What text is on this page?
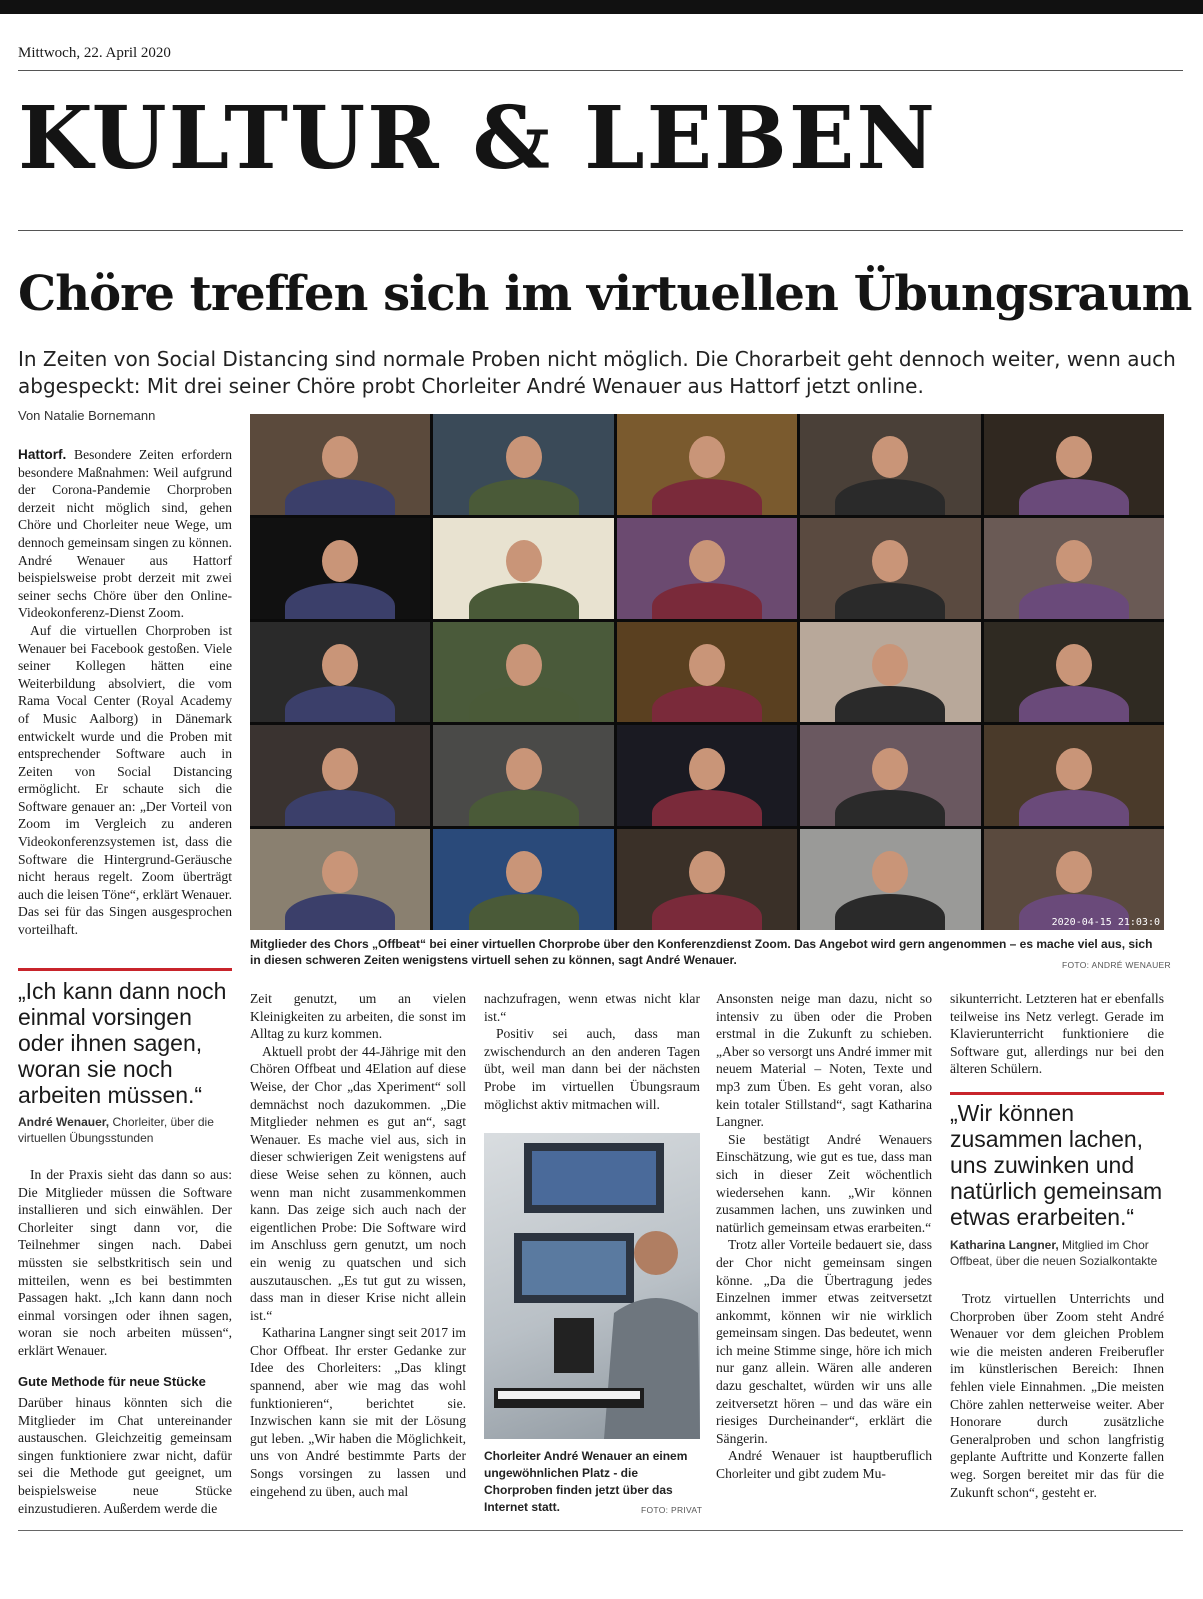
Mittwoch, 22. April 2020
KULTUR & LEBEN
Chöre treffen sich im virtuellen Übungsraum
In Zeiten von Social Distancing sind normale Proben nicht möglich. Die Chorarbeit geht dennoch weiter, wenn auch abgespeckt: Mit drei seiner Chöre probt Chorleiter André Wenauer aus Hattorf jetzt online.
Von Natalie Bornemann

Hattorf. Besondere Zeiten erfordern besondere Maßnahmen: Weil aufgrund der Corona-Pandemie Chorproben derzeit nicht möglich sind, gehen Chöre und Chorleiter neue Wege, um dennoch gemeinsam singen zu können. André Wenauer aus Hattorf beispielsweise probt derzeit mit zwei seiner sechs Chöre über den Online-Videokonferenz-Dienst Zoom.

Auf die virtuellen Chorproben ist Wenauer bei Facebook gestoßen. Viele seiner Kollegen hätten eine Weiterbildung absolviert, die vom Rama Vocal Center (Royal Academy of Music Aalborg) in Dänemark entwickelt wurde und die Proben mit entsprechender Software auch in Zeiten von Social Distancing ermöglicht. Er schaute sich die Software genauer an: „Der Vorteil von Zoom im Vergleich zu anderen Videokonferenzsystemen ist, dass die Software die Hintergrund-Geräusche nicht heraus regelt. Zoom überträgt auch die leisen Töne“, erklärt Wenauer. Das sei für das Singen ausgesprochen vorteilhaft.	2020-04-15 21:03:0
Mitglieder des Chors „Offbeat“ bei einer virtuellen Chorprobe über den Konferenzdienst Zoom. Das Angebot wird gern angenommen – es mache viel aus, sich in diesen schweren Zeiten wenigstens virtuell sehen zu können, sagt André Wenauer.	FOTO: ANDRÉ WENAUER
„Ich kann dann noch einmal vorsingen oder ihnen sagen, woran sie noch arbeiten müssen.“
André Wenauer, Chorleiter, über die virtuellen Übungsstunden

In der Praxis sieht das dann so aus: Die Mitglieder müssen die Software installieren und sich einwählen. Der Chorleiter singt dann vor, die Teilnehmer singen nach. Dabei müssten sie selbstkritisch sein und mitteilen, wenn es bei bestimmten Passagen hakt. „Ich kann dann noch einmal vorsingen oder ihnen sagen, woran sie noch arbeiten müssen“, erklärt Wenauer.

Gute Methode für neue Stücke

Darüber hinaus könnten sich die Mitglieder im Chat untereinander austauschen. Gleichzeitig gemeinsam singen funktioniere zwar nicht, dafür sei die Methode gut geeignet, um beispielsweise neue Stücke einzustudieren. Außerdem werde die

Zeit genutzt, um an vielen Kleinigkeiten zu arbeiten, die sonst im Alltag zu kurz kommen.

Aktuell probt der 44-Jährige mit den Chören Offbeat und 4Elation auf diese Weise, der Chor „das Xperiment“ soll demnächst noch dazukommen. „Die Mitglieder nehmen es gut an“, sagt Wenauer. Es mache viel aus, sich in dieser schwierigen Zeit wenigstens auf diese Weise sehen zu können, auch wenn man nicht zusammenkommen kann. Das zeige sich auch nach der eigentlichen Probe: Die Software wird im Anschluss gern genutzt, um noch ein wenig zu quatschen und sich auszutauschen. „Es tut gut zu wissen, dass man in dieser Krise nicht allein ist.“

Katharina Langner singt seit 2017 im Chor Offbeat. Ihr erster Gedanke zur Idee des Chorleiters: „Das klingt spannend, aber wie mag das wohl funktionieren“, berichtet sie. Inzwischen kann sie mit der Lösung gut leben. „Wir haben die Möglichkeit, uns von André bestimmte Parts der Songs vorsingen zu lassen und eingehend zu üben, auch mal

nachzufragen, wenn etwas nicht klar ist.“

Positiv sei auch, dass man zwischendurch an den anderen Tagen übt, weil man dann bei der nächsten Probe im virtuellen Übungsraum möglichst aktiv mitmachen will.

Chorleiter André Wenauer an einem ungewöhnlichen Platz - die Chorproben finden jetzt über das Internet statt.	FOTO: PRIVAT

Ansonsten neige man dazu, nicht so intensiv zu üben oder die Proben erstmal in die Zukunft zu schieben. „Aber so versorgt uns André immer mit neuem Material – Noten, Texte und mp3 zum Üben. Es geht voran, also kein totaler Stillstand“, sagt Katharina Langner.

Sie bestätigt André Wenauers Einschätzung, wie gut es tue, dass man sich in dieser Zeit wöchentlich wiedersehen kann. „Wir können zusammen lachen, uns zuwinken und natürlich gemeinsam etwas erarbeiten.“

Trotz aller Vorteile bedauert sie, dass der Chor nicht gemeinsam singen könne. „Da die Übertragung jedes Einzelnen immer etwas zeitversetzt ankommt, können wir nie wirklich gemeinsam singen. Das bedeutet, wenn ich meine Stimme singe, höre ich mich nur ganz allein. Wären alle anderen dazu geschaltet, würden wir uns alle zeitversetzt hören – und das wäre ein riesiges Durcheinander“, erklärt die Sängerin.

André Wenauer ist hauptberuflich Chorleiter und gibt zudem Mu-

sikunterricht. Letzteren hat er ebenfalls teilweise ins Netz verlegt. Gerade im Klavierunterricht funktioniere die Software gut, allerdings nur bei den älteren Schülern.

„Wir können zusammen lachen, uns zuwinken und natürlich gemeinsam etwas erarbeiten.“
Katharina Langner, Mitglied im Chor Offbeat, über die neuen Sozialkontakte

Trotz virtuellen Unterrichts und Chorproben über Zoom steht André Wenauer vor dem gleichen Problem wie die meisten anderen Freiberufler im künstlerischen Bereich: Ihnen fehlen viele Einnahmen. „Die meisten Chöre zahlen netterweise weiter. Aber Honorare durch zusätzliche Generalproben und schon langfristig geplante Auftritte und Konzerte fallen weg. Sorgen bereitet mir das für die Zukunft schon“, gesteht er.
